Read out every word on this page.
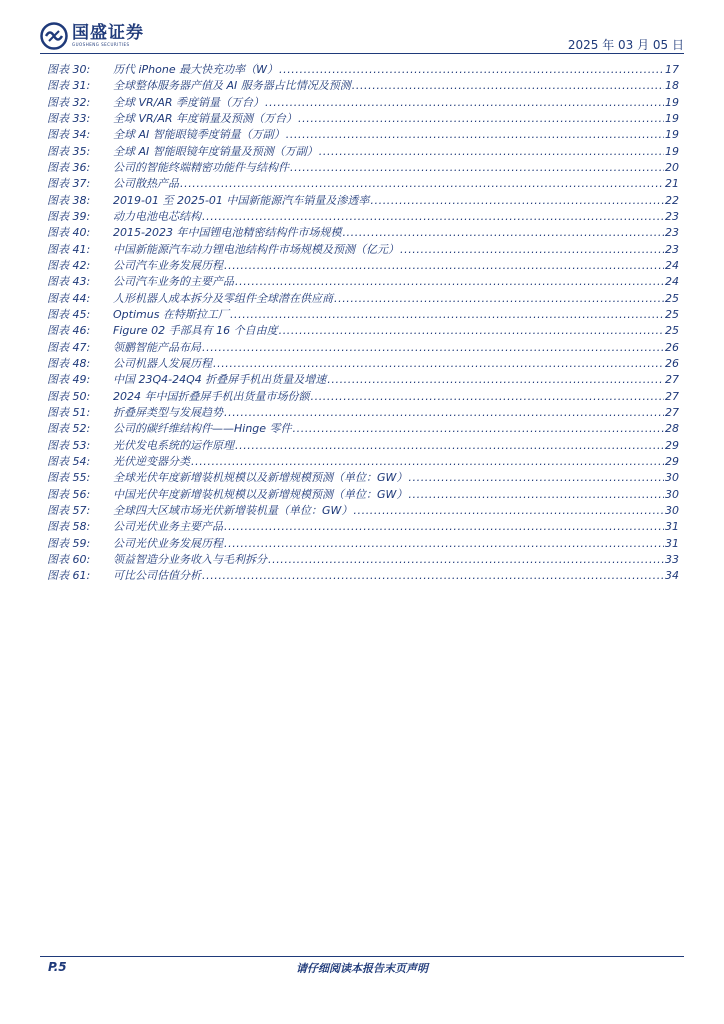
国盛证券
GUOSHENG SECURITIES	2025 年 03 月 05 日
图表 30:	历代 iPhone 最大快充功率（W） .....	17
图表 31:	全球整体服务器产值及 AI 服务器占比情况及预测 .....	18
图表 32:	全球 VR/AR 季度销量（万台） .....	19
图表 33:	全球 VR/AR 年度销量及预测（万台） .....	19
图表 34:	全球 AI 智能眼镜季度销量（万副） .....	19
图表 35:	全球 AI 智能眼镜年度销量及预测（万副） .....	19
图表 36:	公司的智能终端精密功能件与结构件 .....	20
图表 37:	公司散热产品 .....	21
图表 38:	2019-01 至 2025-01 中国新能源汽车销量及渗透率 .....	22
图表 39:	动力电池电芯结构 .....	23
图表 40:	2015-2023 年中国锂电池精密结构件市场规模 .....	23
图表 41:	中国新能源汽车动力锂电池结构件市场规模及预测（亿元） .....	23
图表 42:	公司汽车业务发展历程 .....	24
图表 43:	公司汽车业务的主要产品 .....	24
图表 44:	人形机器人成本拆分及零组件全球潜在供应商 .....	25
图表 45:	Optimus 在特斯拉工厂 .....	25
图表 46:	Figure 02 手部具有 16 个自由度 .....	25
图表 47:	领鹏智能产品布局 .....	26
图表 48:	公司机器人发展历程 .....	26
图表 49:	中国 23Q4-24Q4 折叠屏手机出货量及增速 .....	27
图表 50:	2024 年中国折叠屏手机出货量市场份额 .....	27
图表 51:	折叠屏类型与发展趋势 .....	27
图表 52:	公司的碳纤维结构件——Hinge 零件 .....	28
图表 53:	光伏发电系统的运作原理 .....	29
图表 54:	光伏逆变器分类 .....	29
图表 55:	全球光伏年度新增装机规模以及新增规模预测（单位：GW） .....	30
图表 56:	中国光伏年度新增装机规模以及新增规模预测（单位：GW） .....	30
图表 57:	全球四大区域市场光伏新增装机量（单位：GW） .....	30
图表 58:	公司光伏业务主要产品 .....	31
图表 59:	公司光伏业务发展历程 .....	31
图表 60:	领益智造分业务收入与毛利拆分 .....	33
图表 61:	可比公司估值分析 .....	34
P.5	请仔细阅读本报告末页声明
